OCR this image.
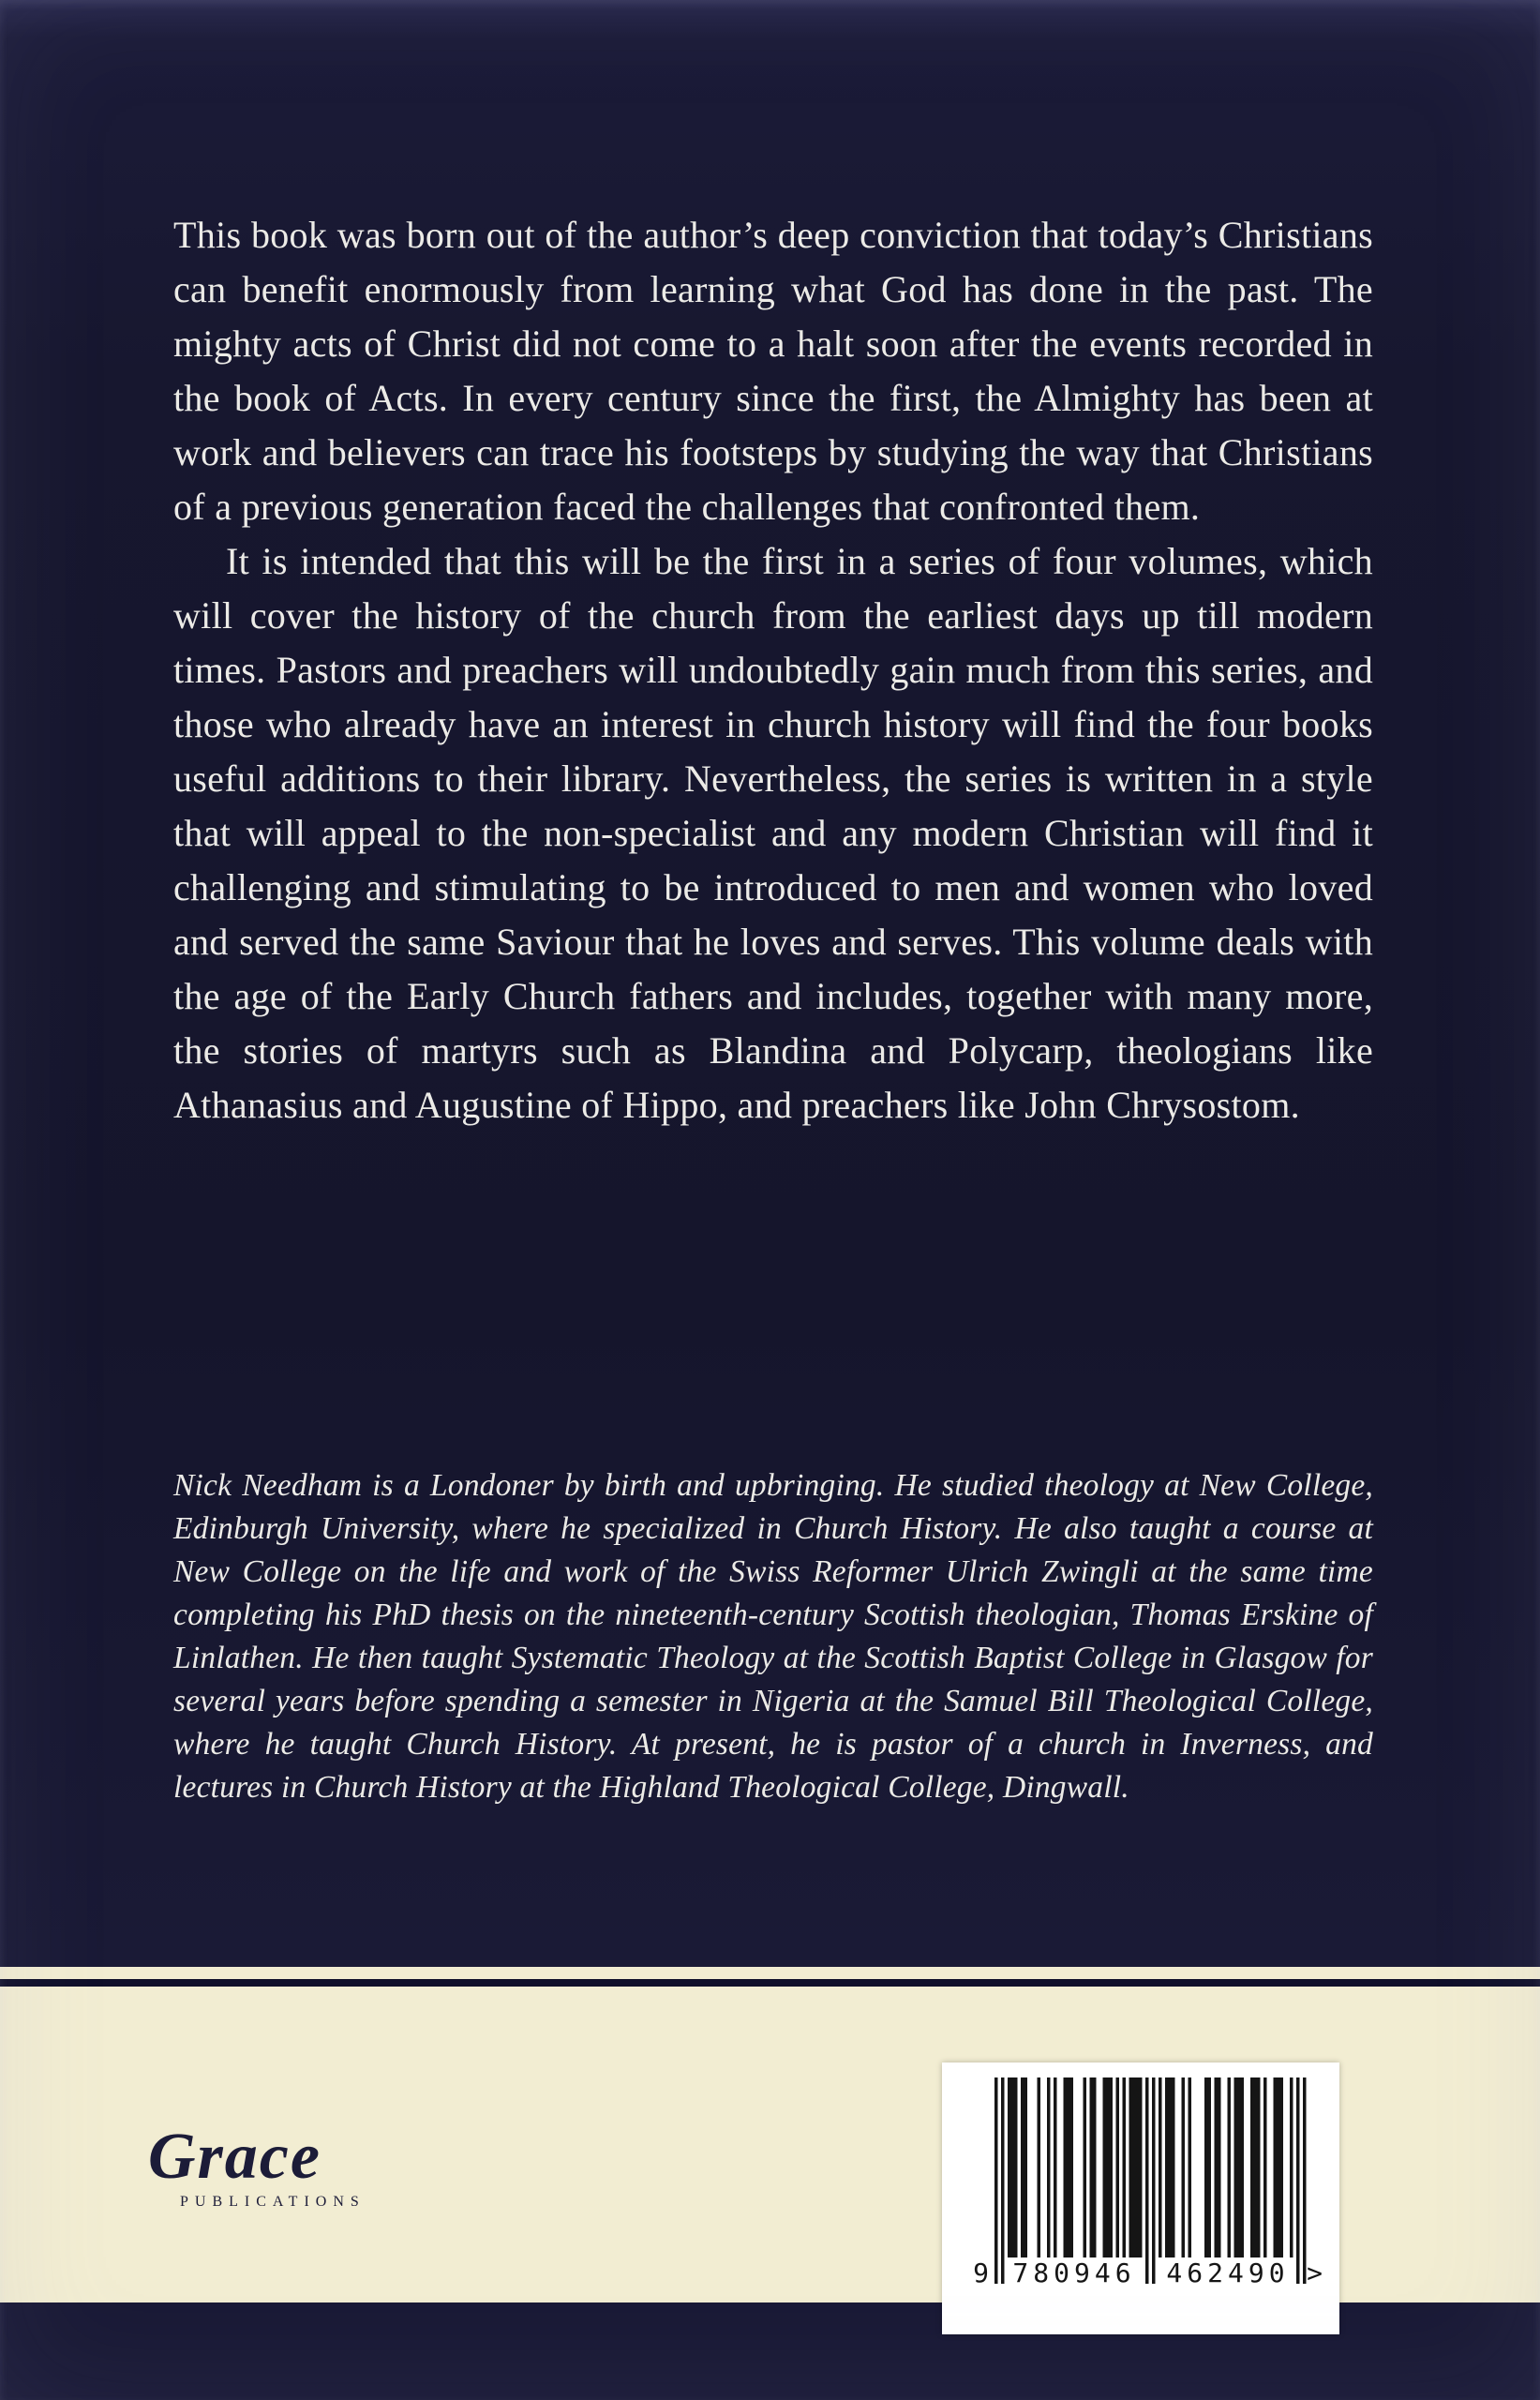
This book was born out of the author’s deep conviction that today’s Christians can benefit enormously from learning what God has done in the past. The mighty acts of Christ did not come to a halt soon after the events recorded in the book of Acts. In every century since the first, the Almighty has been at work and believers can trace his footsteps by studying the way that Christians of a previous generation faced the challenges that confronted them.

It is intended that this will be the first in a series of four volumes, which will cover the history of the church from the earliest days up till modern times. Pastors and preachers will undoubtedly gain much from this series, and those who already have an interest in church history will find the four books useful additions to their library. Nevertheless, the series is written in a style that will appeal to the non-specialist and any modern Christian will find it challenging and stimulating to be introduced to men and women who loved and served the same Saviour that he loves and serves. This volume deals with the age of the Early Church fathers and includes, together with many more, the stories of martyrs such as Blandina and Polycarp, theologians like Athanasius and Augustine of Hippo, and preachers like John Chrysostom.

Nick Needham is a Londoner by birth and upbringing. He studied theology at New College, Edinburgh University, where he specialized in Church History. He also taught a course at New College on the life and work of the Swiss Reformer Ulrich Zwingli at the same time completing his PhD thesis on the nineteenth-century Scottish theologian, Thomas Erskine of Linlathen. He then taught Systematic Theology at the Scottish Baptist College in Glasgow for several years before spending a semester in Nigeria at the Samuel Bill Theological College, where he taught Church History. At present, he is pastor of a church in Inverness, and lectures in Church History at the Highland Theological College, Dingwall.
Grace
PUBLICATIONS
9 780946 462490 >
